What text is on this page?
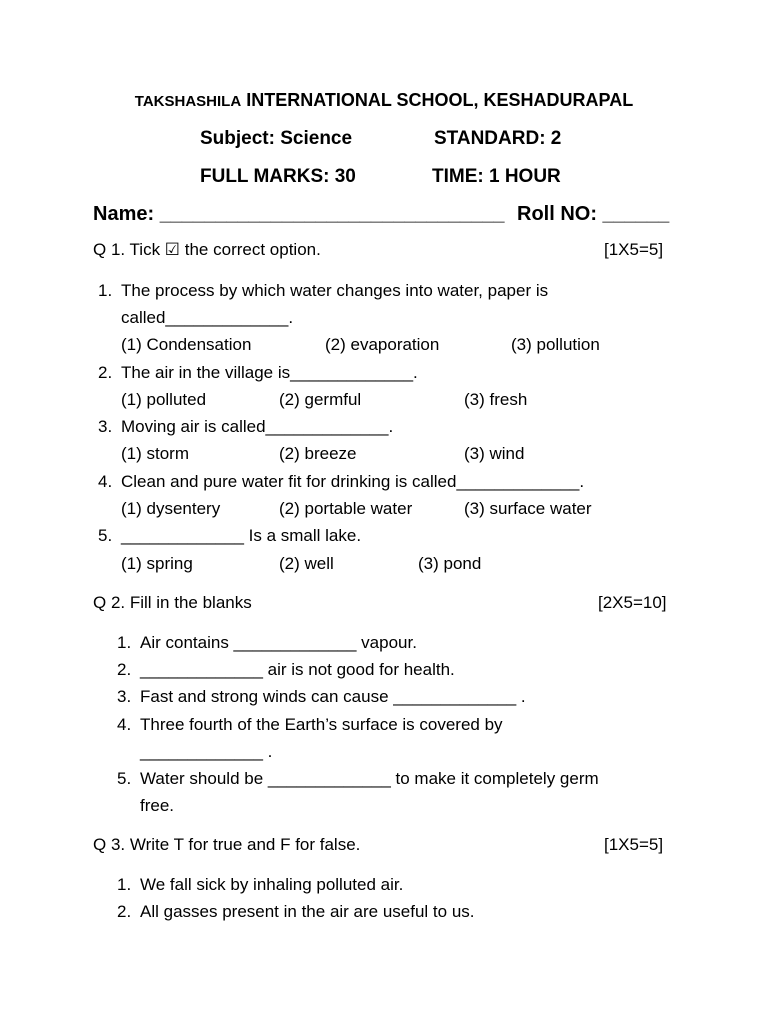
TAKSHASHILA INTERNATIONAL SCHOOL, KESHADURAPAL
Subject: Science	STANDARD: 2
FULL MARKS: 30	TIME: 1 HOUR
Name: _______________________________ Roll NO: ______
Q 1. Tick ☑ the correct option.	[1X5=5]
1. The process by which water changes into water, paper is
called_____________.
(1) Condensation	(2) evaporation	(3) pollution
2. The air in the village is_____________.
(1) polluted	(2) germful	(3) fresh
3. Moving air is called_____________.
(1) storm	(2) breeze	(3) wind
4. Clean and pure water fit for drinking is called_____________.
(1) dysentery	(2) portable water	(3) surface water
5. _____________ Is a small lake.
(1) spring	(2) well	(3) pond
Q 2. Fill in the blanks	[2X5=10]
1. Air contains _____________ vapour.
2. _____________ air is not good for health.
3. Fast and strong winds can cause _____________ .
4. Three fourth of the Earth’s surface is covered by
_____________ .
5. Water should be _____________ to make it completely germ
free.
Q 3. Write T for true and F for false.	[1X5=5]
1. We fall sick by inhaling polluted air.
2. All gasses present in the air are useful to us.
